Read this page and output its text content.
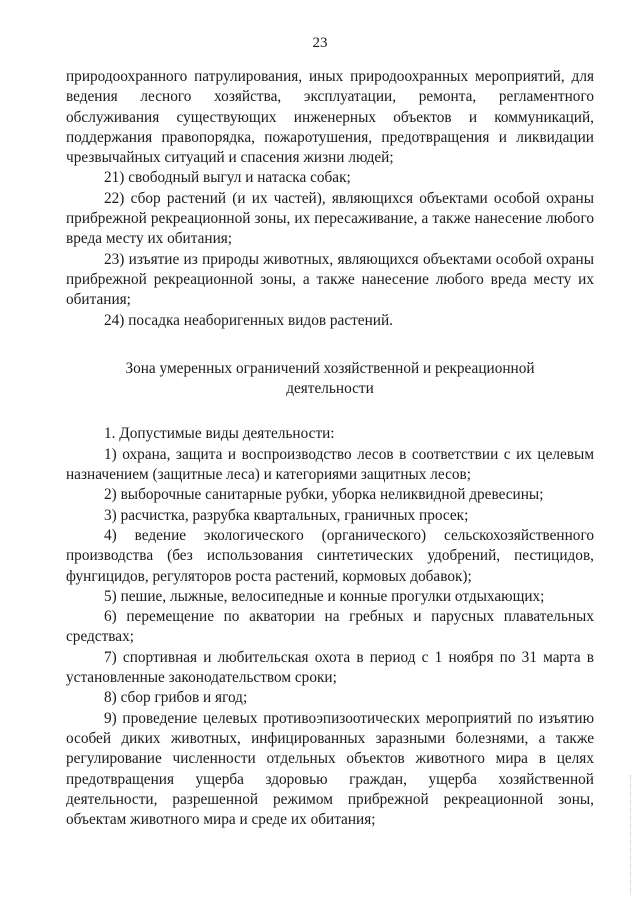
23

природоохранного патрулирования, иных природоохранных мероприятий, для ведения лесного хозяйства, эксплуатации, ремонта, регламентного обслуживания существующих инженерных объектов и коммуникаций, поддержания правопорядка, пожаротушения, предотвращения и ликвидации чрезвычайных ситуаций и спасения жизни людей;

21) свободный выгул и натаска собак;

22) сбор растений (и их частей), являющихся объектами особой охраны прибрежной рекреационной зоны, их пересаживание, а также нанесение любого вреда месту их обитания;

23) изъятие из природы животных, являющихся объектами особой охраны прибрежной рекреационной зоны, а также нанесение любого вреда месту их обитания;

24) посадка неаборигенных видов растений.

Зона умеренных ограничений хозяйственной и рекреационной
деятельности

1. Допустимые виды деятельности:

1) охрана, защита и воспроизводство лесов в соответствии с их целевым назначением (защитные леса) и категориями защитных лесов;

2) выборочные санитарные рубки, уборка неликвидной древесины;

3) расчистка, разрубка квартальных, граничных просек;

4) ведение экологического (органического) сельскохозяйственного производства (без использования синтетических удобрений, пестицидов, фунгицидов, регуляторов роста растений, кормовых добавок);

5) пешие, лыжные, велосипедные и конные прогулки отдыхающих;

6) перемещение по акватории на гребных и парусных плавательных средствах;

7) спортивная и любительская охота в период с 1 ноября по 31 марта в установленные законодательством сроки;

8) сбор грибов и ягод;

9) проведение целевых противоэпизоотических мероприятий по изъятию особей диких животных, инфицированных заразными болезнями, а также регулирование численности отдельных объектов животного мира в целях предотвращения ущерба здоровью граждан, ущерба хозяйственной деятельности, разрешенной режимом прибрежной рекреационной зоны, объектам животного мира и среде их обитания;
